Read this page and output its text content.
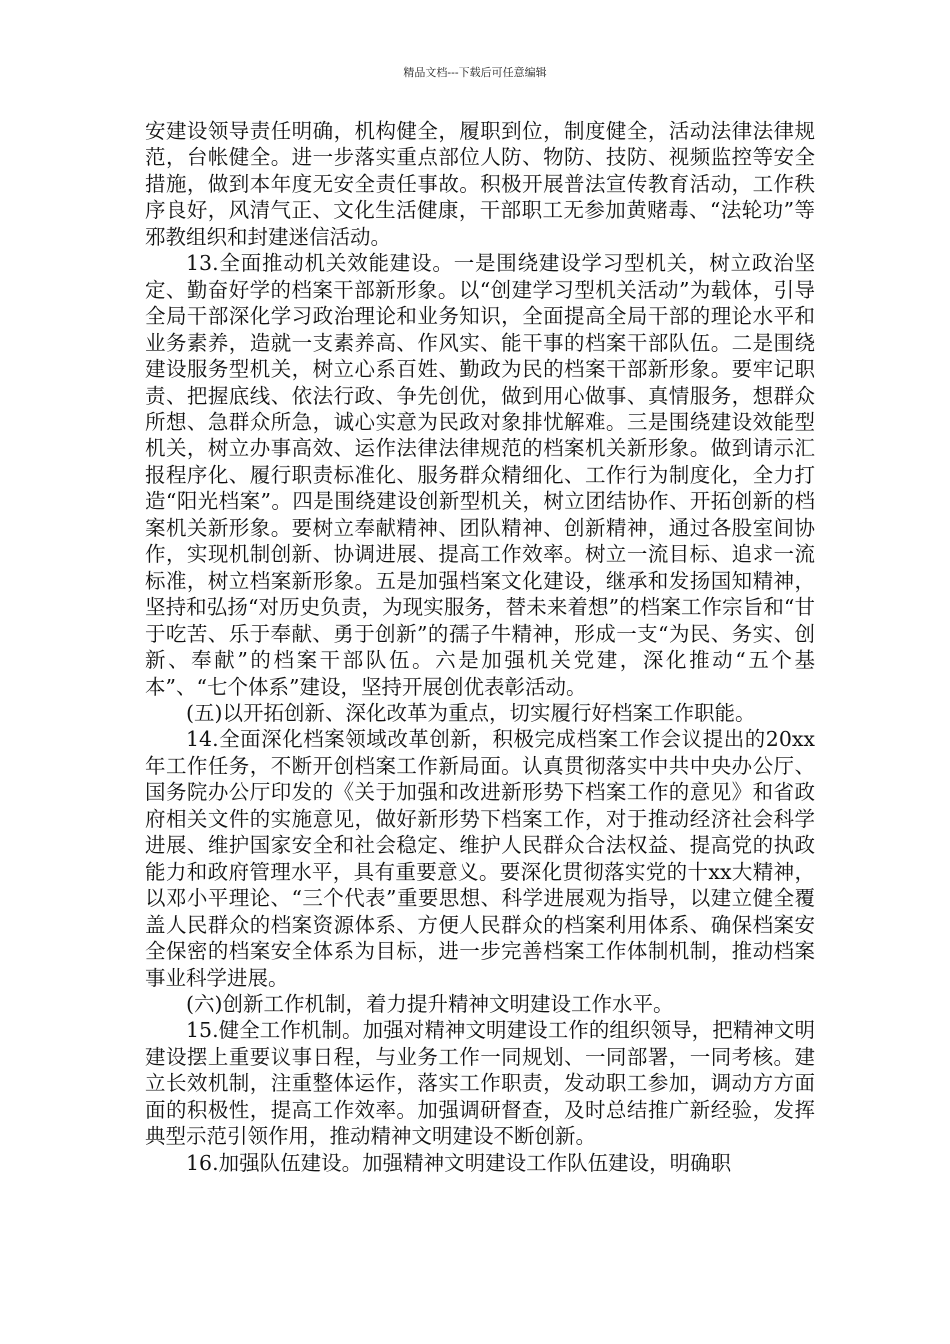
精品文档---下载后可任意编辑

安建设领导责任明确，机构健全，履职到位，制度健全，活动法律法律规范，台帐健全。进一步落实重点部位人防、物防、技防、视频监控等安全措施，做到本年度无安全责任事故。积极开展普法宣传教育活动，工作秩序良好，风清气正、文化生活健康，干部职工无参加黄赌毒、“法轮功”等邪教组织和封建迷信活动。

13.全面推动机关效能建设。一是围绕建设学习型机关，树立政治坚定、勤奋好学的档案干部新形象。以“创建学习型机关活动”为载体，引导全局干部深化学习政治理论和业务知识，全面提高全局干部的理论水平和业务素养，造就一支素养高、作风实、能干事的档案干部队伍。二是围绕建设服务型机关，树立心系百姓、勤政为民的档案干部新形象。要牢记职责、把握底线、依法行政、争先创优，做到用心做事、真情服务，想群众所想、急群众所急，诚心实意为民政对象排忧解难。三是围绕建设效能型机关，树立办事高效、运作法律法律规范的档案机关新形象。做到请示汇报程序化、履行职责标准化、服务群众精细化、工作行为制度化，全力打造“阳光档案”。四是围绕建设创新型机关，树立团结协作、开拓创新的档案机关新形象。要树立奉献精神、团队精神、创新精神，通过各股室间协作，实现机制创新、协调进展、提高工作效率。树立一流目标、追求一流标准，树立档案新形象。五是加强档案文化建设，继承和发扬国知精神，坚持和弘扬“对历史负责，为现实服务，替未来着想”的档案工作宗旨和“甘于吃苦、乐于奉献、勇于创新”的孺子牛精神，形成一支“为民、务实、创新、奉献”的档案干部队伍。六是加强机关党建，深化推动“五个基本”、“七个体系”建设，坚持开展创优表彰活动。

(五)以开拓创新、深化改革为重点，切实履行好档案工作职能。

14.全面深化档案领域改革创新，积极完成档案工作会议提出的20xx年工作任务，不断开创档案工作新局面。认真贯彻落实中共中央办公厅、国务院办公厅印发的《关于加强和改进新形势下档案工作的意见》和省政府相关文件的实施意见，做好新形势下档案工作，对于推动经济社会科学进展、维护国家安全和社会稳定、维护人民群众合法权益、提高党的执政能力和政府管理水平，具有重要意义。要深化贯彻落实党的十xx大精神，以邓小平理论、“三个代表”重要思想、科学进展观为指导，以建立健全覆盖人民群众的档案资源体系、方便人民群众的档案利用体系、确保档案安全保密的档案安全体系为目标，进一步完善档案工作体制机制，推动档案事业科学进展。

(六)创新工作机制，着力提升精神文明建设工作水平。

15.健全工作机制。加强对精神文明建设工作的组织领导，把精神文明建设摆上重要议事日程，与业务工作一同规划、一同部署，一同考核。建立长效机制，注重整体运作，落实工作职责，发动职工参加，调动方方面面的积极性，提高工作效率。加强调研督查，及时总结推广新经验，发挥典型示范引领作用，推动精神文明建设不断创新。

16.加强队伍建设。加强精神文明建设工作队伍建设，明确职
